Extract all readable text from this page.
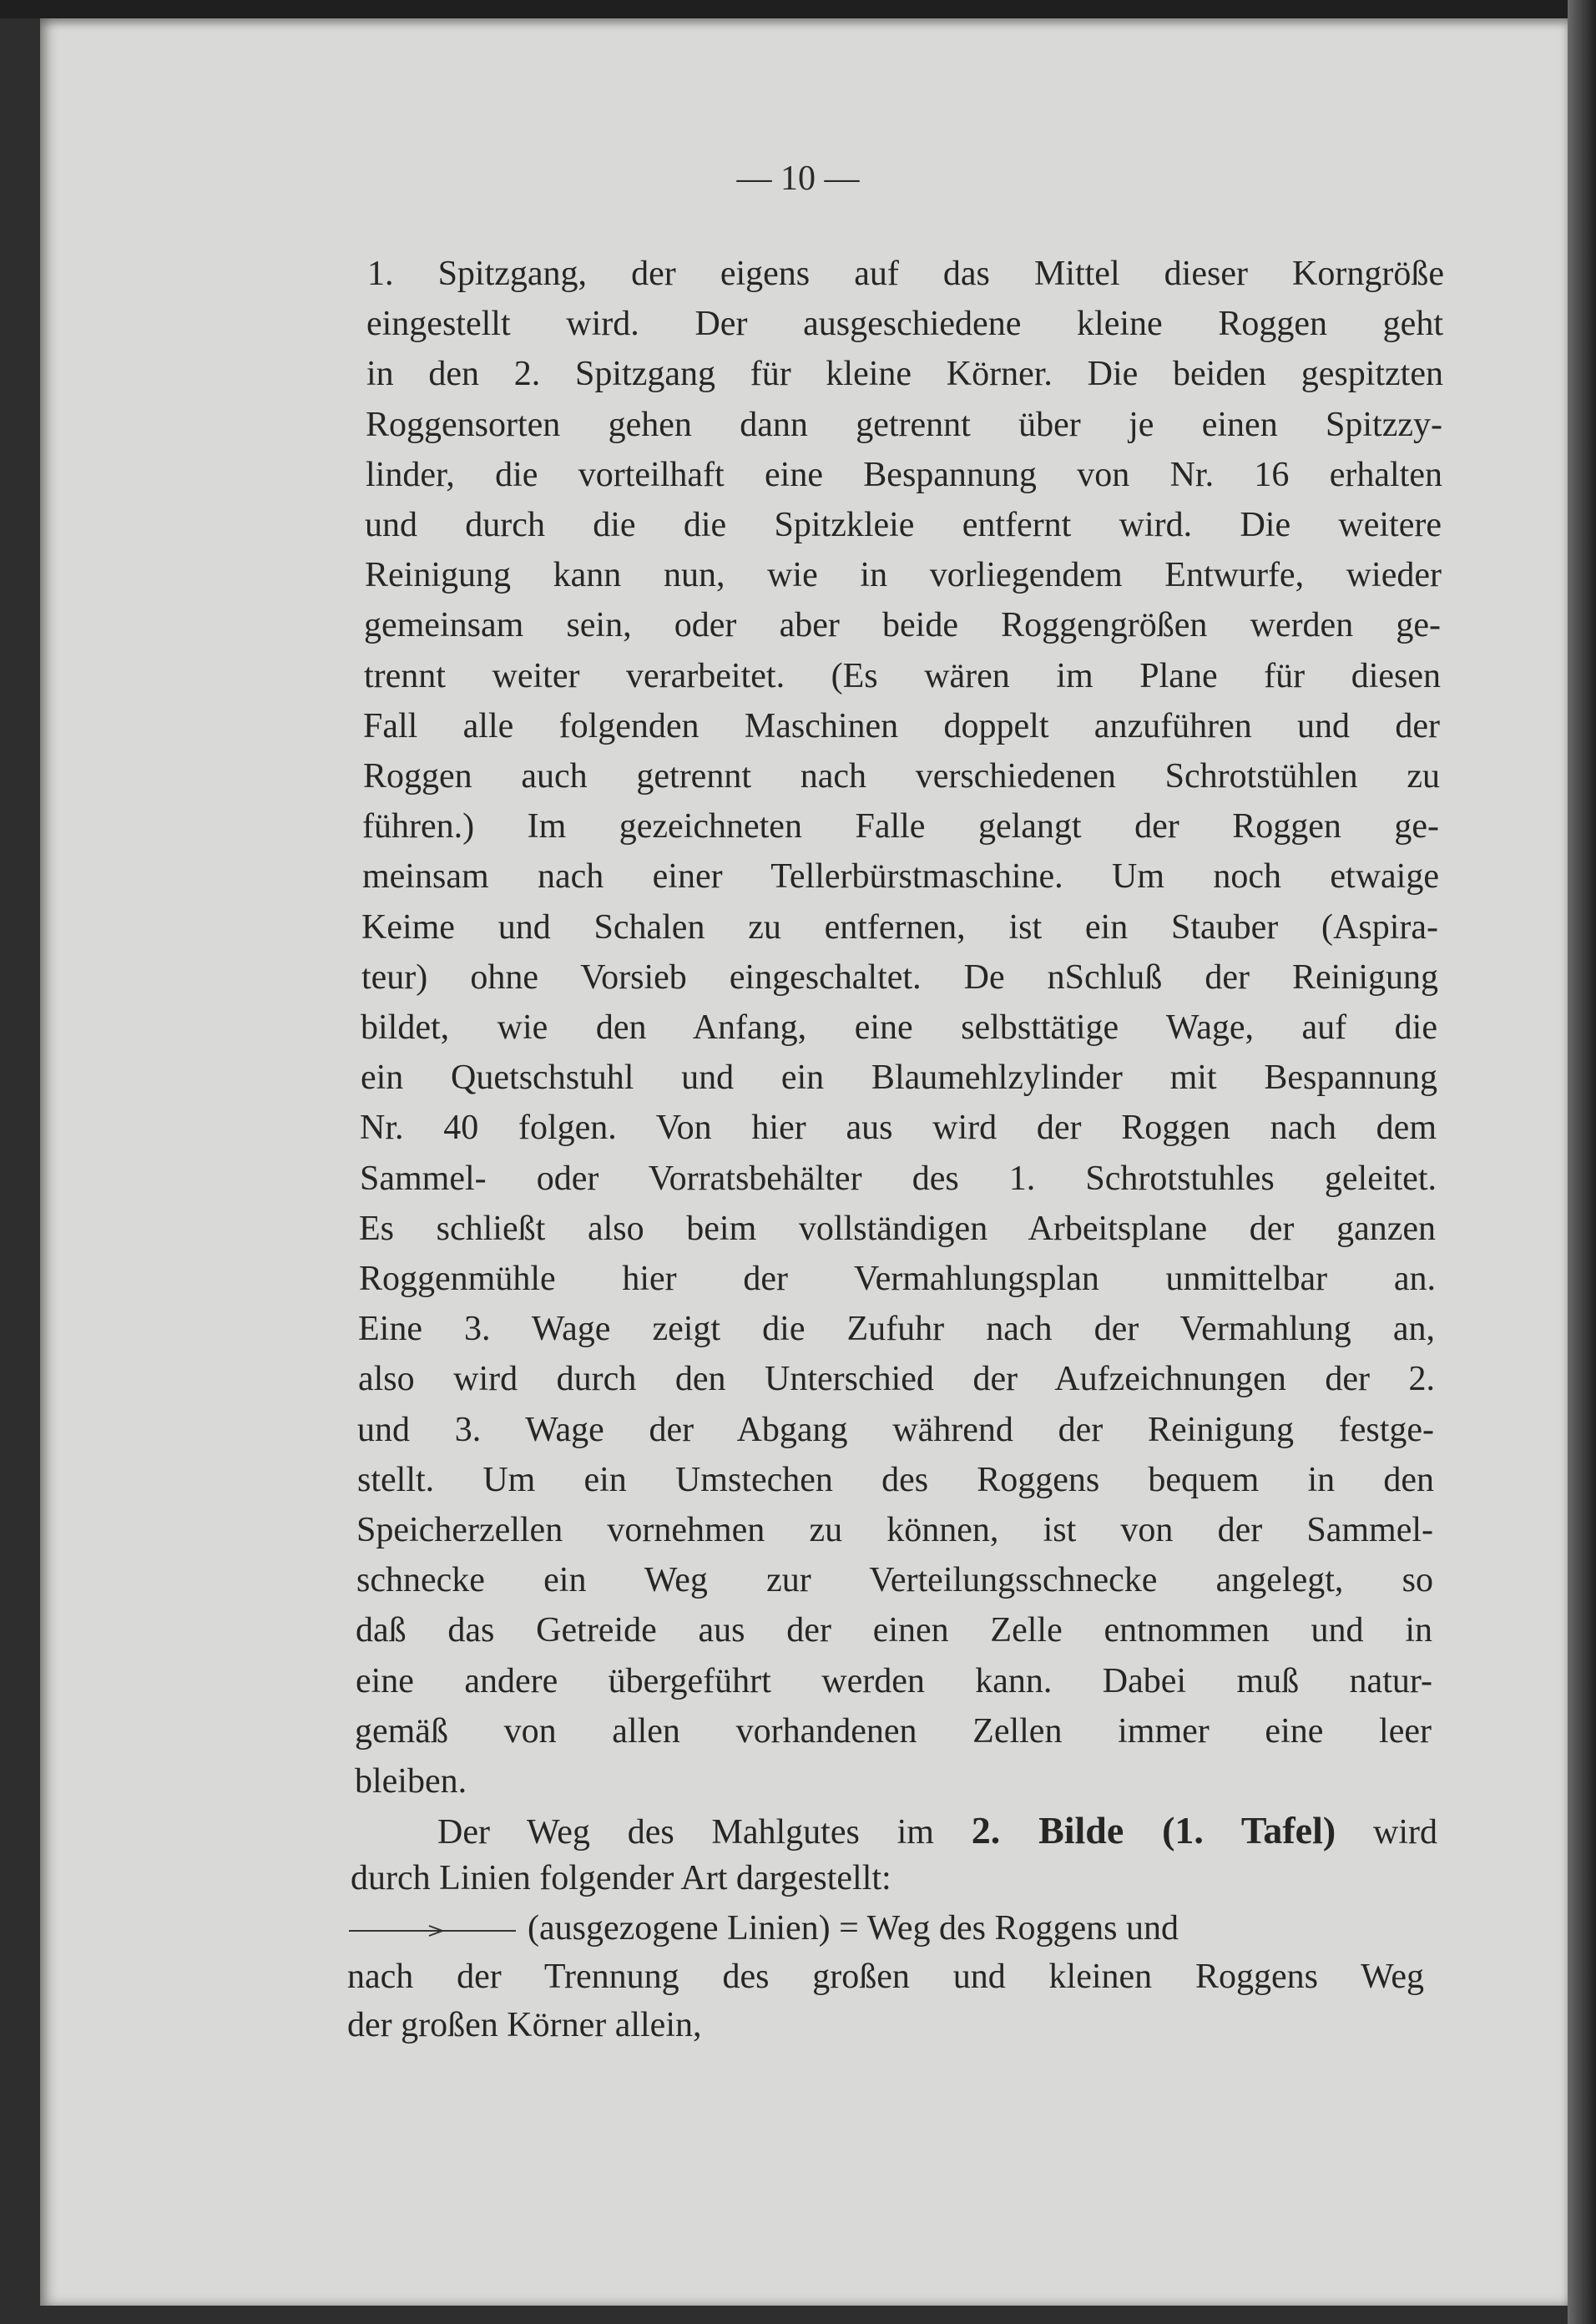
— 10 —
1. Spitzgang, der eigens auf das Mittel dieser Korngröße
eingestellt wird. Der ausgeschiedene kleine Roggen geht
in den 2. Spitzgang für kleine Körner. Die beiden gespitzten
Roggensorten gehen dann getrennt über je einen Spitzzy-
linder, die vorteilhaft eine Bespannung von Nr. 16 erhalten
und durch die die Spitzkleie entfernt wird. Die weitere
Reinigung kann nun, wie in vorliegendem Entwurfe, wieder
gemeinsam sein, oder aber beide Roggengrößen werden ge-
trennt weiter verarbeitet. (Es wären im Plane für diesen
Fall alle folgenden Maschinen doppelt anzuführen und der
Roggen auch getrennt nach verschiedenen Schrotstühlen zu
führen.) Im gezeichneten Falle gelangt der Roggen ge-
meinsam nach einer Tellerbürstmaschine. Um noch etwaige
Keime und Schalen zu entfernen, ist ein Stauber (Aspira-
teur) ohne Vorsieb eingeschaltet. De nSchluß der Reinigung
bildet, wie den Anfang, eine selbsttätige Wage, auf die
ein Quetschstuhl und ein Blaumehlzylinder mit Bespannung
Nr. 40 folgen. Von hier aus wird der Roggen nach dem
Sammel- oder Vorratsbehälter des 1. Schrotstuhles geleitet.
Es schließt also beim vollständigen Arbeitsplane der ganzen
Roggenmühle hier der Vermahlungsplan unmittelbar an.
Eine 3. Wage zeigt die Zufuhr nach der Vermahlung an,
also wird durch den Unterschied der Aufzeichnungen der 2.
und 3. Wage der Abgang während der Reinigung festge-
stellt. Um ein Umstechen des Roggens bequem in den
Speicherzellen vornehmen zu können, ist von der Sammel-
schnecke ein Weg zur Verteilungsschnecke angelegt, so
daß das Getreide aus der einen Zelle entnommen und in
eine andere übergeführt werden kann. Dabei muß natur-
gemäß von allen vorhandenen Zellen immer eine leer
bleiben.
Der Weg des Mahlgutes im 2. Bilde (1. Tafel) wird
durch Linien folgender Art dargestellt:
(ausgezogene Linien) = Weg des Roggens und
nach der Trennung des großen und kleinen Roggens Weg
der großen Körner allein,
